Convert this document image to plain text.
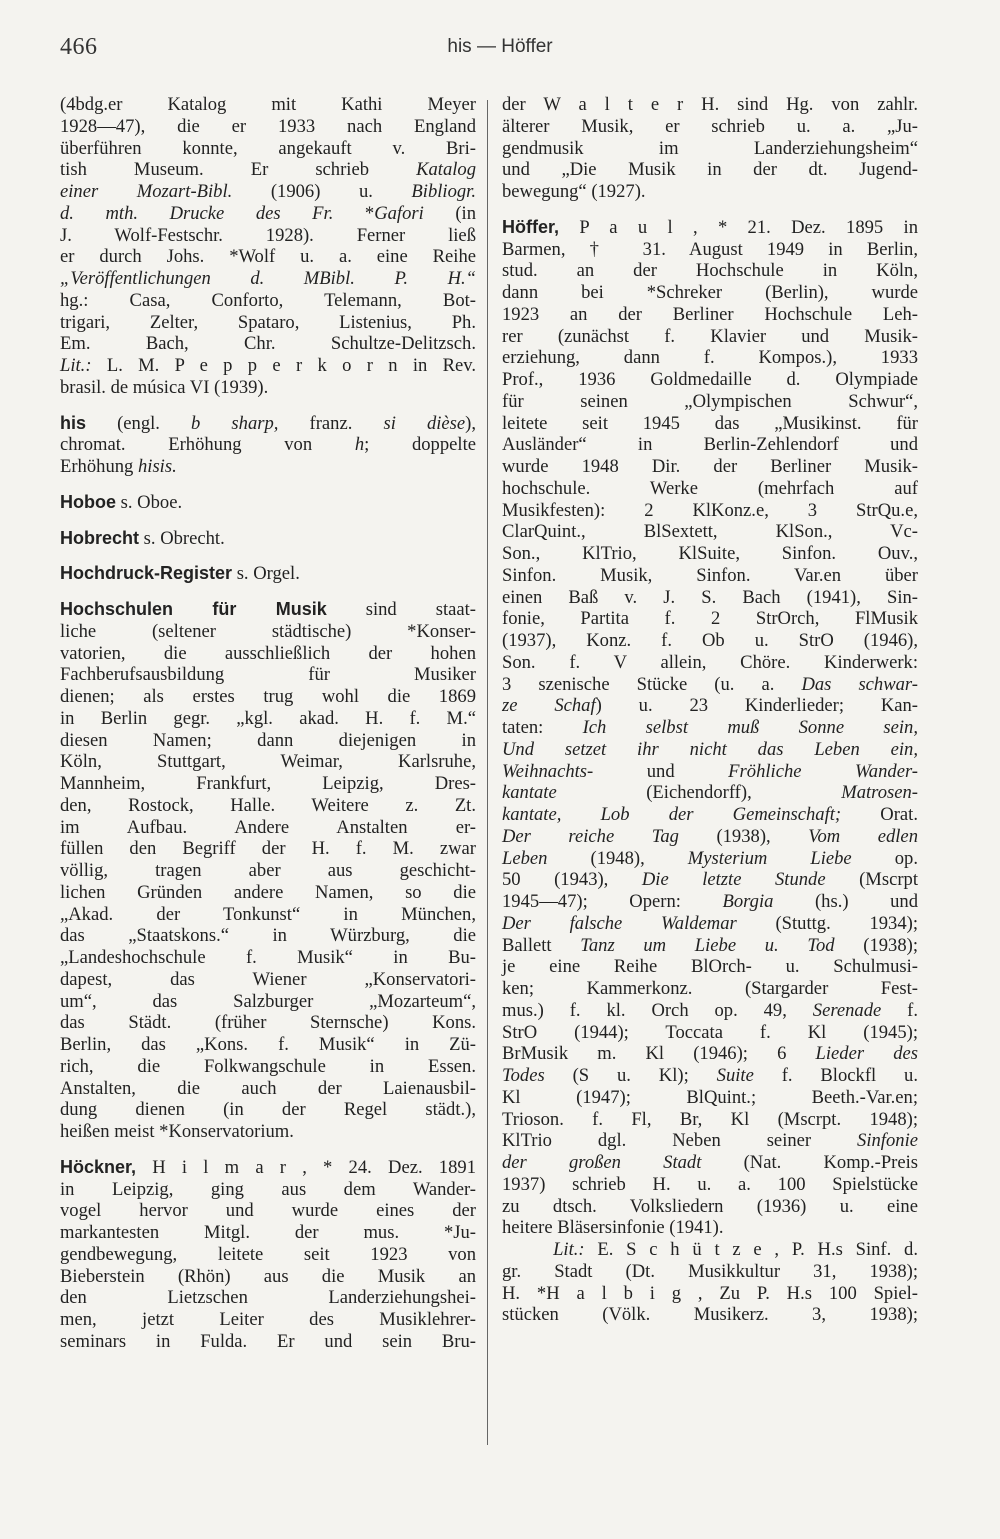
466	his — Höffer
(4bdg.er Katalog mit Kathi Meyer
1928—47), die er 1933 nach England
überführen konnte, angekauft v. Bri-
tish Museum. Er schrieb Katalog
einer Mozart-Bibl. (1906) u. Bibliogr.
d. mth. Drucke des Fr. *Gafori (in
J. Wolf-Festschr. 1928). Ferner ließ
er durch Johs. *Wolf u. a. eine Reihe
„Veröffentlichungen d. MBibl. P. H.“
hg.: Casa, Conforto, Telemann, Bot-
trigari, Zelter, Spataro, Listenius, Ph.
Em. Bach, Chr. Schultze-Delitzsch.
Lit.: L. M. P e p p e r k o r n in Rev.
brasil. de música VI (1939).
his (engl. b sharp, franz. si dièse),
chromat. Erhöhung von h; doppelte
Erhöhung hisis.
Hoboe s. Oboe.
Hobrecht s. Obrecht.
Hochdruck-Register s. Orgel.
Hochschulen für Musik sind staat-
liche (seltener städtische) *Konser-
vatorien, die ausschließlich der hohen
Fachberufsausbildung für Musiker
dienen; als erstes trug wohl die 1869
in Berlin gegr. „kgl. akad. H. f. M.“
diesen Namen; dann diejenigen in
Köln, Stuttgart, Weimar, Karlsruhe,
Mannheim, Frankfurt, Leipzig, Dres-
den, Rostock, Halle. Weitere z. Zt.
im Aufbau. Andere Anstalten er-
füllen den Begriff der H. f. M. zwar
völlig, tragen aber aus geschicht-
lichen Gründen andere Namen, so die
„Akad. der Tonkunst“ in München,
das „Staatskons.“ in Würzburg, die
„Landeshochschule f. Musik“ in Bu-
dapest, das Wiener „Konservatori-
um“, das Salzburger „Mozarteum“,
das Städt. (früher Sternsche) Kons.
Berlin, das „Kons. f. Musik“ in Zü-
rich, die Folkwangschule in Essen.
Anstalten, die auch der Laienausbil-
dung dienen (in der Regel städt.),
heißen meist *Konservatorium.
Höckner, H i l m a r , * 24. Dez. 1891
in Leipzig, ging aus dem Wander-
vogel hervor und wurde eines der
markantesten Mitgl. der mus. *Ju-
gendbewegung, leitete seit 1923 von
Bieberstein (Rhön) aus die Musik an
den Lietzschen Landerziehungshei-
men, jetzt Leiter des Musiklehrer-
seminars in Fulda. Er und sein Bru-
der W a l t e r H. sind Hg. von zahlr.
älterer Musik, er schrieb u. a. „Ju-
gendmusik im Landerziehungsheim“
und „Die Musik in der dt. Jugend-
bewegung“ (1927).
Höffer, P a u l , * 21. Dez. 1895 in
Barmen, † 31. August 1949 in Berlin,
stud. an der Hochschule in Köln,
dann bei *Schreker (Berlin), wurde
1923 an der Berliner Hochschule Leh-
rer (zunächst f. Klavier und Musik-
erziehung, dann f. Kompos.), 1933
Prof., 1936 Goldmedaille d. Olympiade
für seinen „Olympischen Schwur“,
leitete seit 1945 das „Musikinst. für
Ausländer“ in Berlin-Zehlendorf und
wurde 1948 Dir. der Berliner Musik-
hochschule. Werke (mehrfach auf
Musikfesten): 2 KlKonz.e, 3 StrQu.e,
ClarQuint., BlSextett, KlSon., Vc-
Son., KlTrio, KlSuite, Sinfon. Ouv.,
Sinfon. Musik, Sinfon. Var.en über
einen Baß v. J. S. Bach (1941), Sin-
fonie, Partita f. 2 StrOrch, FlMusik
(1937), Konz. f. Ob u. StrO (1946),
Son. f. V allein, Chöre. Kinderwerk:
3 szenische Stücke (u. a. Das schwar-
ze Schaf) u. 23 Kinderlieder; Kan-
taten: Ich selbst muß Sonne sein,
Und setzet ihr nicht das Leben ein,
Weihnachts- und Fröhliche Wander-
kantate (Eichendorff), Matrosen-
kantate, Lob der Gemeinschaft; Orat.
Der reiche Tag (1938), Vom edlen
Leben (1948), Mysterium Liebe op.
50 (1943), Die letzte Stunde (Mscrpt
1945—47); Opern: Borgia (hs.) und
Der falsche Waldemar (Stuttg. 1934);
Ballett Tanz um Liebe u. Tod (1938);
je eine Reihe BlOrch- u. Schulmusi-
ken; Kammerkonz. (Stargarder Fest-
mus.) f. kl. Orch op. 49, Serenade f.
StrO (1944); Toccata f. Kl (1945);
BrMusik m. Kl (1946); 6 Lieder des
Todes (S u. Kl); Suite f. Blockfl u.
Kl (1947); BlQuint.; Beeth.-Var.en;
Trioson. f. Fl, Br, Kl (Mscrpt. 1948);
KlTrio dgl. Neben seiner Sinfonie
der großen Stadt (Nat. Komp.-Preis
1937) schrieb H. u. a. 100 Spielstücke
zu dtsch. Volksliedern (1936) u. eine
heitere Bläsersinfonie (1941).
Lit.: E. S c h ü t z e , P. H.s Sinf. d.
gr. Stadt (Dt. Musikkultur 31, 1938);
H. *H a l b i g , Zu P. H.s 100 Spiel-
stücken (Völk. Musikerz. 3, 1938);
